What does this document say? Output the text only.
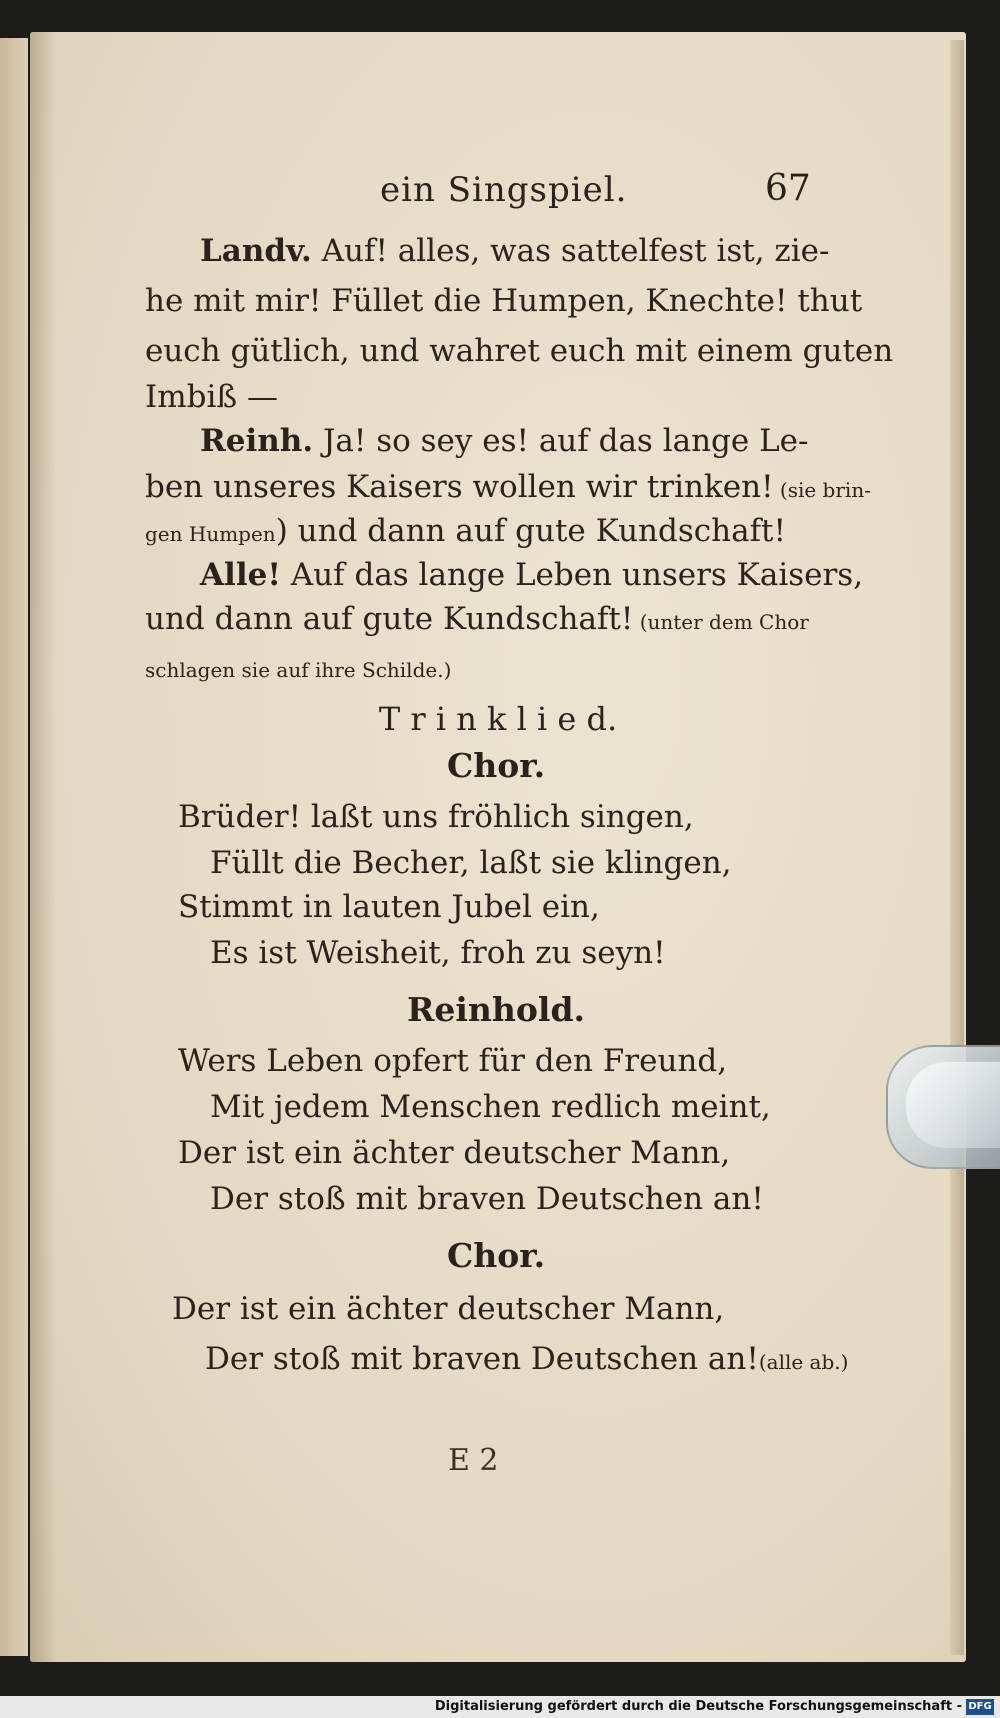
ein Singspiel.	67
Landv. Auf! alles, was sattelfest ist, zie-
he mit mir! Füllet die Humpen, Knechte! thut
euch gütlich, und wahret euch mit einem guten
Imbiß —
Reinh. Ja! so sey es! auf das lange Le-
ben unseres Kaisers wollen wir trinken! (sie brin-
gen Humpen) und dann auf gute Kundschaft!
Alle! Auf das lange Leben unsers Kaisers,
und dann auf gute Kundschaft! (unter dem Chor
schlagen sie auf ihre Schilde.)
T r i n k l i e d.
Chor.
Brüder! laßt uns fröhlich singen,
Füllt die Becher, laßt sie klingen,
Stimmt in lauten Jubel ein,
Es ist Weisheit, froh zu seyn!
Reinhold.
Wers Leben opfert für den Freund,
Mit jedem Menschen redlich meint,
Der ist ein ächter deutscher Mann,
Der stoß mit braven Deutschen an!
Chor.
Der ist ein ächter deutscher Mann,
Der stoß mit braven Deutschen an!(alle ab.)
E 2
Digitalisierung gefördert durch die Deutsche Forschungsgemeinschaft - DFG
